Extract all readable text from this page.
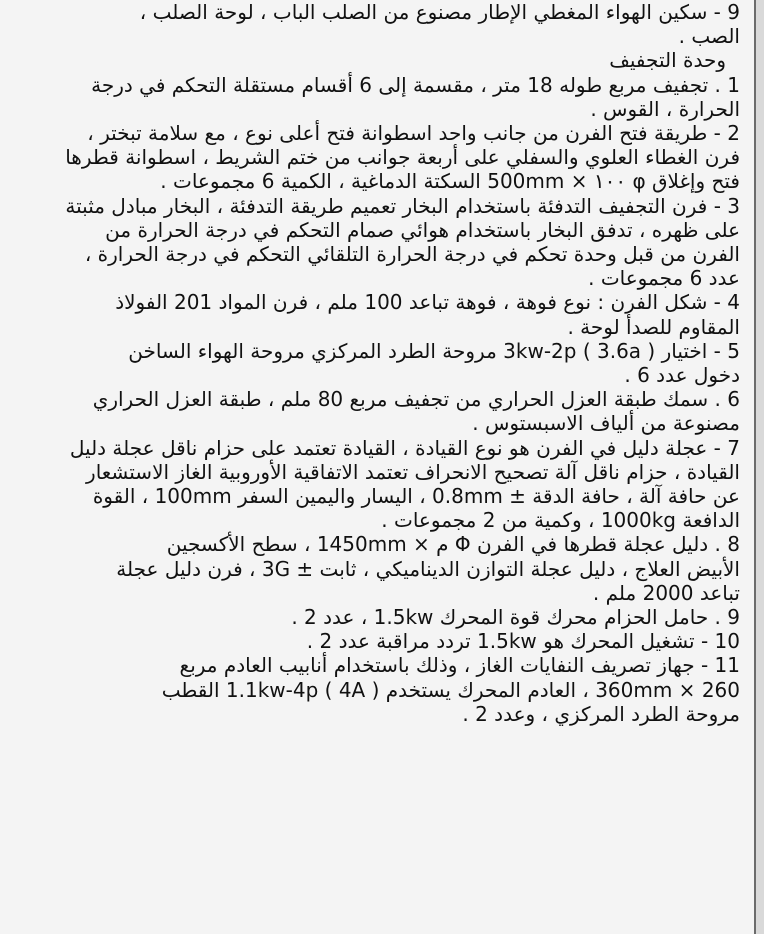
9 - سكين الهواء المغطي الإطار مصنوع من الصلب الباب ، لوحة الصلب ،
الصب .
وحدة التجفيف
1 . تجفيف مربع طوله 18 متر ، مقسمة إلى 6 أقسام مستقلة التحكم في درجة
الحرارة ، القوس .
2 - طريقة فتح الفرن من جانب واحد اسطوانة فتح أعلى نوع ، مع سلامة تبختر ،
فرن الغطاء العلوي والسفلي على أربعة جوانب من ختم الشريط ، اسطوانة قطرها
فتح وإغلاق φ ١٠٠ × 500mm السكتة الدماغية ، الكمية 6 مجموعات .
3 - فرن التجفيف التدفئة باستخدام البخار تعميم طريقة التدفئة ، البخار مبادل مثبتة
على ظهره ، تدفق البخار باستخدام هوائي صمام التحكم في درجة الحرارة من
الفرن من قبل وحدة تحكم في درجة الحرارة التلقائي التحكم في درجة الحرارة ،
عدد 6 مجموعات .
4 - شكل الفرن : نوع فوهة ، فوهة تباعد 100 ملم ، فرن المواد 201 الفولاذ
المقاوم للصدأ لوحة .
5 - اختيار ( 3.6a ) 3kw-2p مروحة الطرد المركزي مروحة الهواء الساخن
دخول عدد 6 .
6 . سمك طبقة العزل الحراري من تجفيف مربع 80 ملم ، طبقة العزل الحراري
مصنوعة من ألياف الاسبستوس .
7 - عجلة دليل في الفرن هو نوع القيادة ، القيادة تعتمد على حزام ناقل عجلة دليل
القيادة ، حزام ناقل آلة تصحيح الانحراف تعتمد الاتفاقية الأوروبية الغاز الاستشعار
عن حافة آلة ، حافة الدقة ± 0.8mm ، اليسار واليمين السفر 100mm ، القوة
الدافعة 1000kg ، وكمية من 2 مجموعات .
8 . دليل عجلة قطرها في الفرن Φ م × 1450mm ، سطح الأكسجين
الأبيض العلاج ، دليل عجلة التوازن الديناميكي ، ثابت ± 3G ، فرن دليل عجلة
تباعد 2000 ملم .
9 . حامل الحزام محرك قوة المحرك 1.5kw ، عدد 2 .
10 - تشغيل المحرك هو 1.5kw تردد مراقبة عدد 2 .
11 - جهاز تصريف النفايات الغاز ، وذلك باستخدام أنابيب العادم مربع
260 × 360mm ، العادم المحرك يستخدم ( 4A ) 1.1kw-4p القطب
مروحة الطرد المركزي ، وعدد 2 .
